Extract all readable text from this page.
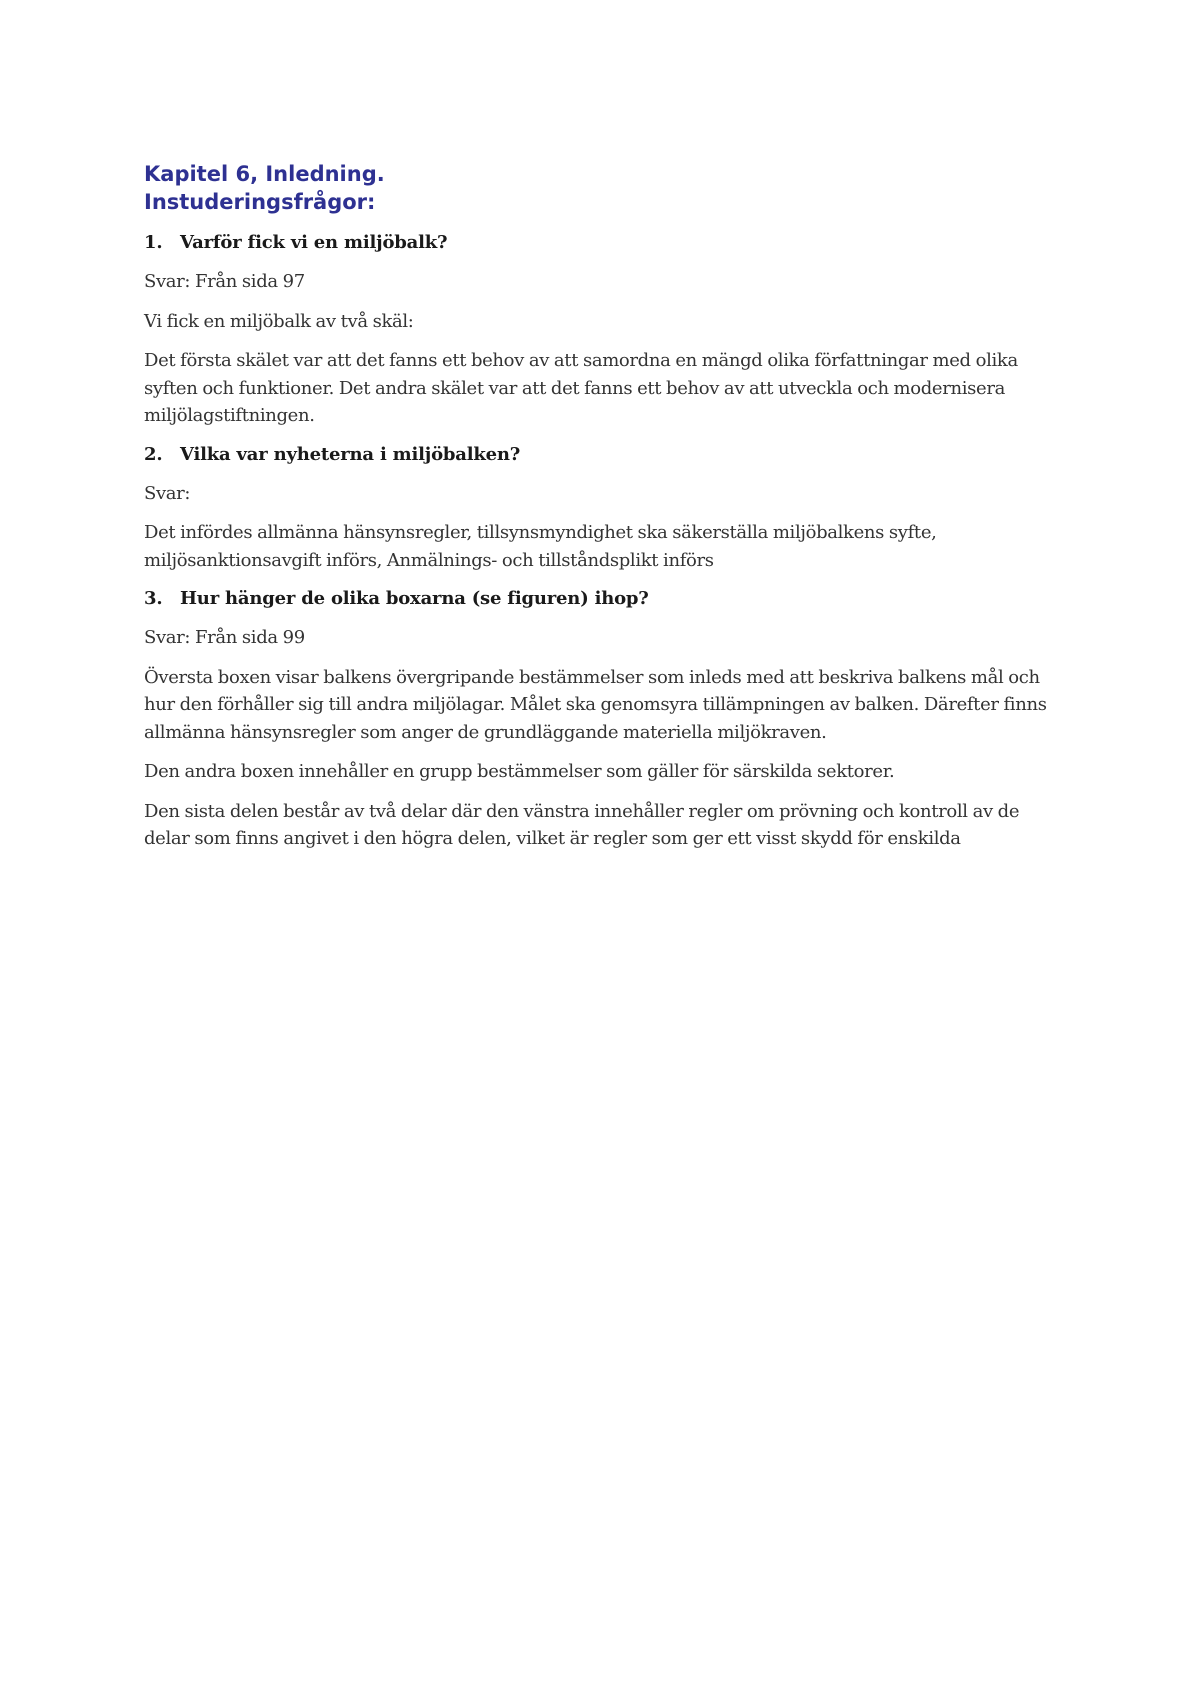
Kapitel 6, Inledning.
Instuderingsfrågor:
1. Varför fick vi en miljöbalk?

Svar: Från sida 97

Vi fick en miljöbalk av två skäl:

Det första skälet var att det fanns ett behov av att samordna en mängd olika författningar med olika syften och funktioner. Det andra skälet var att det fanns ett behov av att utveckla och modernisera miljölagstiftningen.

2. Vilka var nyheterna i miljöbalken?

Svar:

Det infördes allmänna hänsynsregler, tillsynsmyndighet ska säkerställa miljöbalkens syfte, miljösanktionsavgift införs, Anmälnings- och tillståndsplikt införs

3. Hur hänger de olika boxarna (se figuren) ihop?

Svar: Från sida 99

Översta boxen visar balkens övergripande bestämmelser som inleds med att beskriva balkens mål och hur den förhåller sig till andra miljölagar. Målet ska genomsyra tillämpningen av balken. Därefter finns allmänna hänsynsregler som anger de grundläggande materiella miljökraven.

Den andra boxen innehåller en grupp bestämmelser som gäller för särskilda sektorer.

Den sista delen består av två delar där den vänstra innehåller regler om prövning och kontroll av de delar som finns angivet i den högra delen, vilket är regler som ger ett visst skydd för enskilda
